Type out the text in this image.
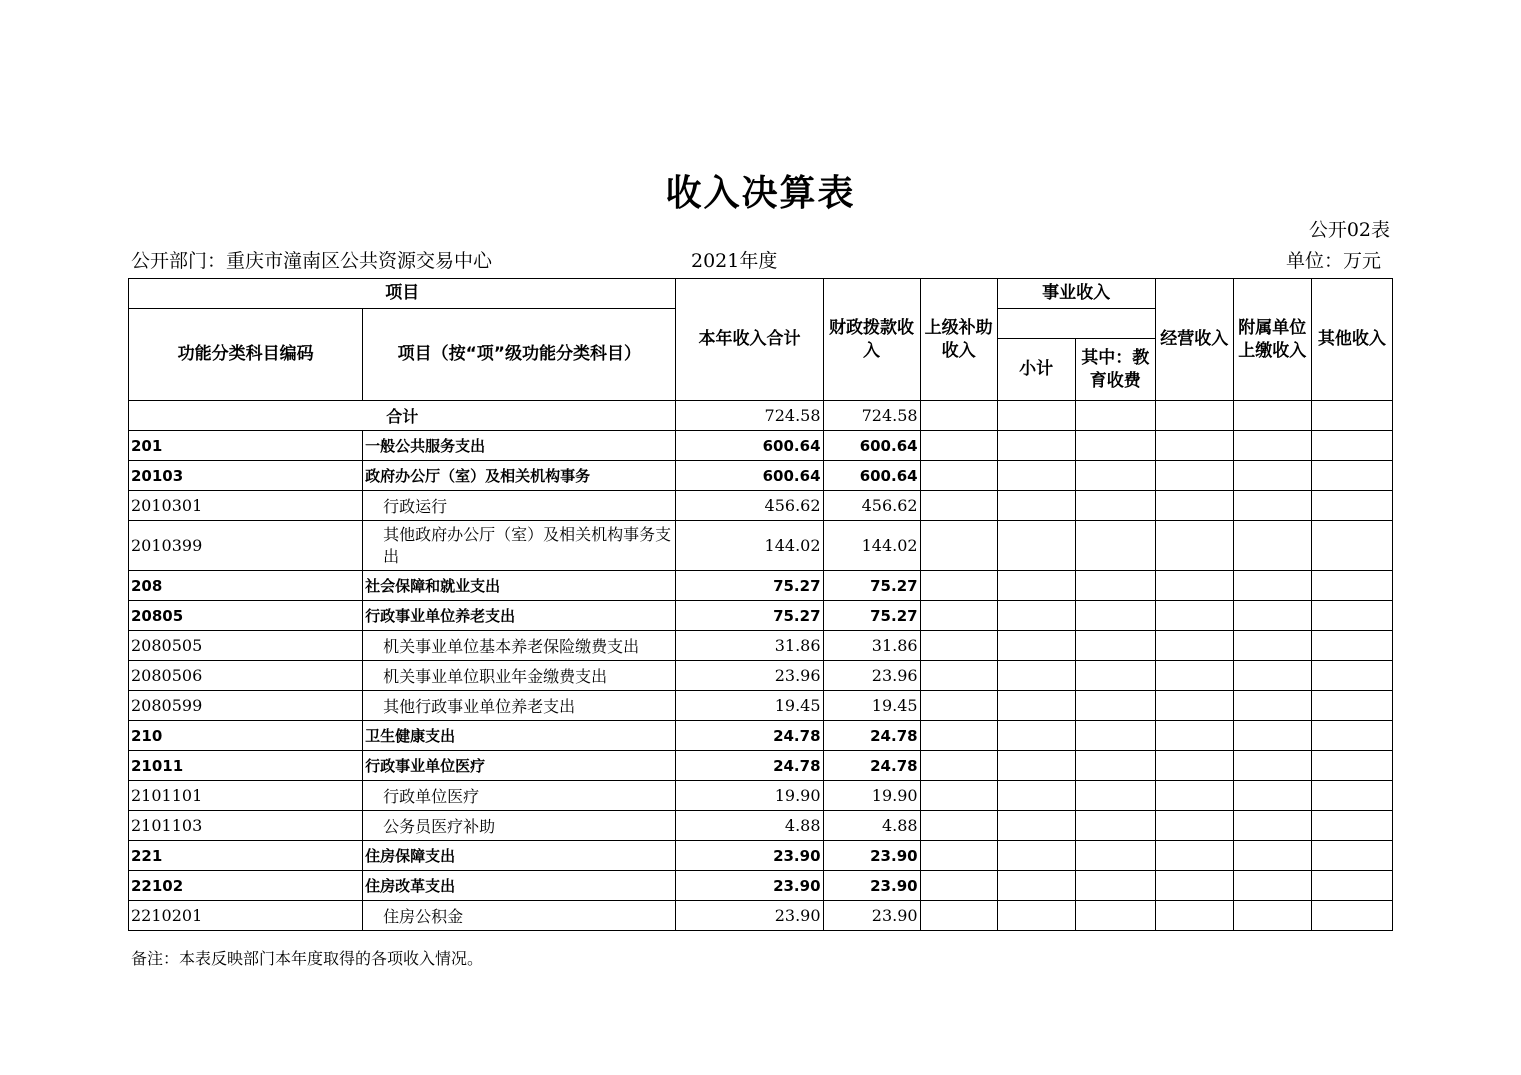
收入决算表
公开02表
公开部门：重庆市潼南区公共资源交易中心	2021年度	单位：万元
项目		本年收入合计	财政拨款收入	上级补助收入	事业收入		经营收入	附属单位上缴收入	其他收入
功能分类科目编码	项目（按“项”级功能分类科目）								
					小计	其中：教育收费			
合计		724.58	724.58						
201	一般公共服务支出	600.64	600.64						
20103	政府办公厅（室）及相关机构事务	600.64	600.64						
2010301	行政运行	456.62	456.62						
2010399	其他政府办公厅（室）及相关机构事务支出	144.02	144.02						
208	社会保障和就业支出	75.27	75.27						
20805	行政事业单位养老支出	75.27	75.27						
2080505	机关事业单位基本养老保险缴费支出	31.86	31.86						
2080506	机关事业单位职业年金缴费支出	23.96	23.96						
2080599	其他行政事业单位养老支出	19.45	19.45						
210	卫生健康支出	24.78	24.78						
21011	行政事业单位医疗	24.78	24.78						
2101101	行政单位医疗	19.90	19.90						
2101103	公务员医疗补助	4.88	4.88						
221	住房保障支出	23.90	23.90						
22102	住房改革支出	23.90	23.90						
2210201	住房公积金	23.90	23.90						
备注：本表反映部门本年度取得的各项收入情况。
